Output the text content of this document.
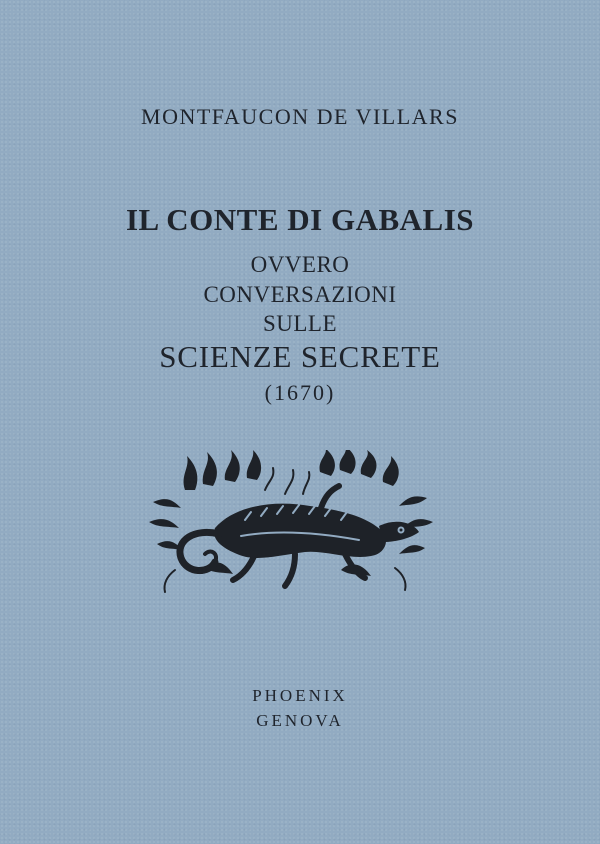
MONTFAUCON DE VILLARS
IL CONTE DI GABALIS
OVVERO
CONVERSAZIONI
SULLE
SCIENZE SECRETE
(1670)
PHOENIX
GENOVA
